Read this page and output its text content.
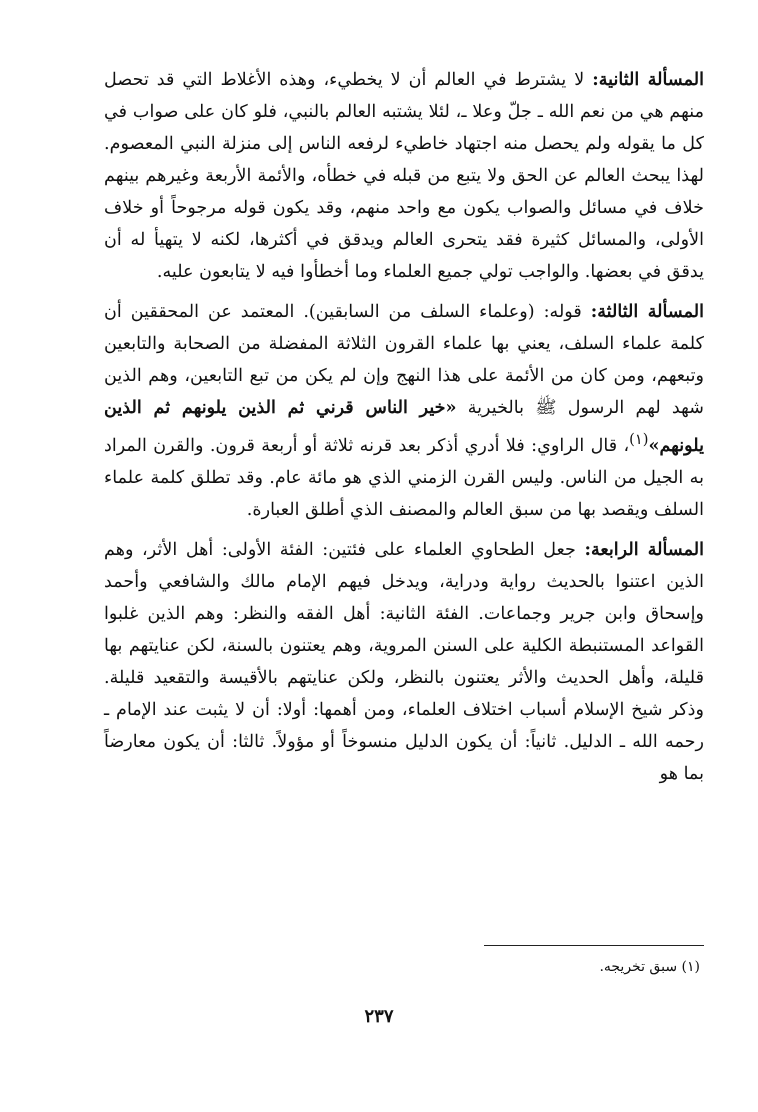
المسألة الثانية: لا يشترط في العالم أن لا يخطيء، وهذه الأغلاط التي قد تحصل منهم هي من نعم الله ـ جلّ وعلا ـ، لئلا يشتبه العالم بالنبي، فلو كان على صواب في كل ما يقوله ولم يحصل منه اجتهاد خاطيء لرفعه الناس إلى منزلة النبي المعصوم. لهذا يبحث العالم عن الحق ولا يتبع من قبله في خطأه، والأئمة الأربعة وغيرهم بينهم خلاف في مسائل والصواب يكون مع واحد منهم، وقد يكون قوله مرجوحاً أو خلاف الأولى، والمسائل كثيرة فقد يتحرى العالم ويدقق في أكثرها، لكنه لا يتهيأ له أن يدقق في بعضها. والواجب تولي جميع العلماء وما أخطأوا فيه لا يتابعون عليه.

المسألة الثالثة: قوله: (وعلماء السلف من السابقين). المعتمد عن المحققين أن كلمة علماء السلف، يعني بها علماء القرون الثلاثة المفضلة من الصحابة والتابعين وتبعهم، ومن كان من الأئمة على هذا النهج وإن لم يكن من تبع التابعين، وهم الذين شهد لهم الرسول ﷺ بالخيرية «خير الناس قرني ثم الذين يلونهم ثم الذين يلونهم»$^{(١)}$، قال الراوي: فلا أدري أذكر بعد قرنه ثلاثة أو أربعة قرون. والقرن المراد به الجيل من الناس. وليس القرن الزمني الذي هو مائة عام. وقد تطلق كلمة علماء السلف ويقصد بها من سبق العالم والمصنف الذي أطلق العبارة.

المسألة الرابعة: جعل الطحاوي العلماء على فئتين: الفئة الأولى: أهل الأثر، وهم الذين اعتنوا بالحديث رواية ودراية، ويدخل فيهم الإمام مالك والشافعي وأحمد وإسحاق وابن جرير وجماعات. الفئة الثانية: أهل الفقه والنظر: وهم الذين غلبوا القواعد المستنبطة الكلية على السنن المروية، وهم يعتنون بالسنة، لكن عنايتهم بها قليلة، وأهل الحديث والأثر يعتنون بالنظر، ولكن عنايتهم بالأقيسة والتقعيد قليلة. وذكر شيخ الإسلام أسباب اختلاف العلماء، ومن أهمها: أولا: أن لا يثبت عند الإمام ـ رحمه الله ـ الدليل. ثانياً: أن يكون الدليل منسوخاً أو مؤولاً. ثالثا: أن يكون معارضاً بما هو

(١) سبق تخريجه.
٢٣٧
